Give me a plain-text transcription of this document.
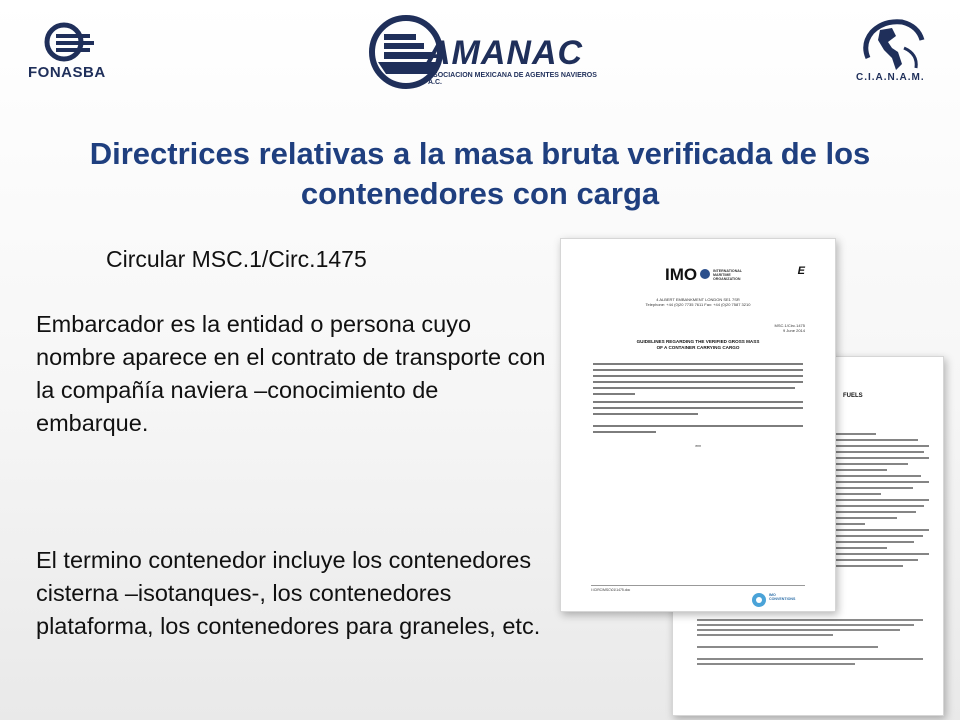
FONASBA
AMANAC
ASOCIACION MEXICANA DE AGENTES NAVIEROS A.C.	C.I.A.N.A.M.
Directrices relativas a la masa bruta verificada de los contenedores con carga
Circular MSC.1/Circ.1475

Embarcador es la entidad o persona cuyo nombre aparece en el contrato de transporte con la compañía naviera –conocimiento de embarque.

El termino contenedor incluye los contenedores cisterna –isotanques-, los contenedores plataforma, los contenedores para graneles, etc.

FUELS
IMO	INTERNATIONAL MARITIME ORGANIZATION
E
4 ALBERT EMBANKMENT LONDON SE1 7SR
Telephone: +44 (0)20 7735 7611 Fax: +44 (0)20 7587 3210
MSC.1/Circ.1475
9 June 2014
GUIDELINES REGARDING THE VERIFIED GROSS MASS
OF A CONTAINER CARRYING CARGO
***
I:\CIRC\MSC\01\1475.doc
IMO CONVENTIONS
